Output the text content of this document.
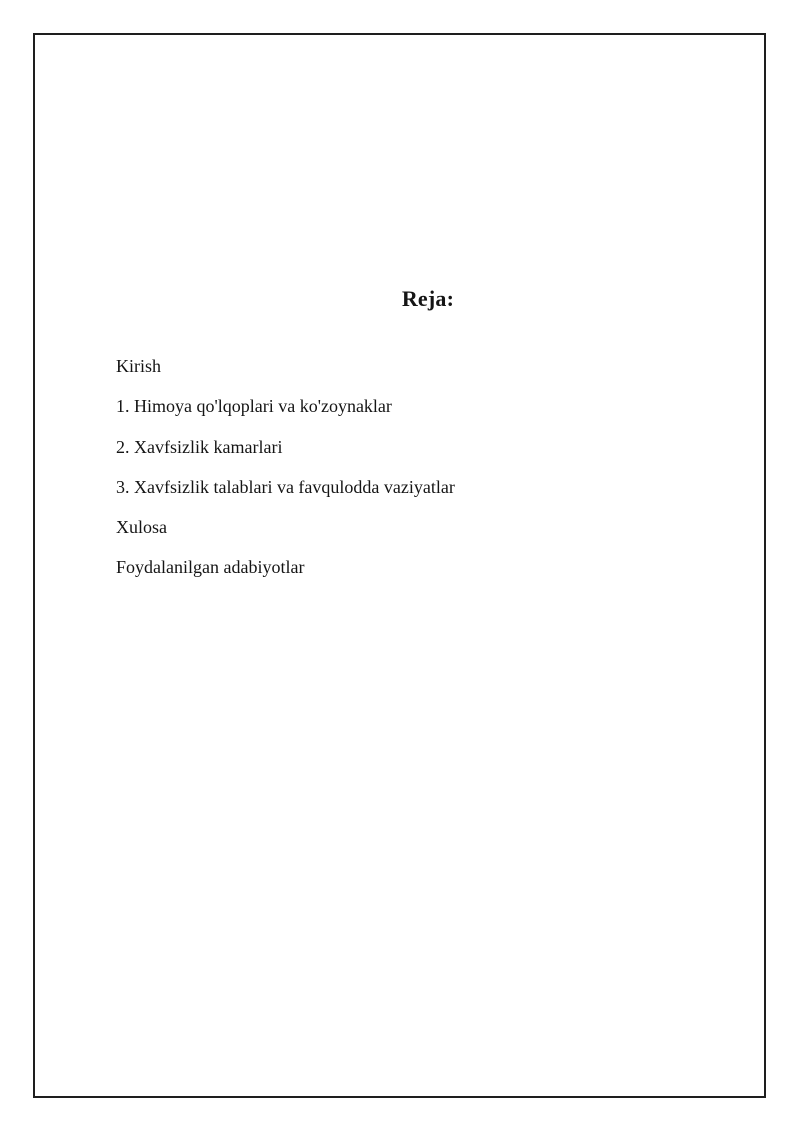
Reja:

Kirish

1. Himoya qo'lqoplari va ko'zoynaklar

2. Xavfsizlik kamarlari

3. Xavfsizlik talablari va favqulodda vaziyatlar

Xulosa

Foydalanilgan adabiyotlar
